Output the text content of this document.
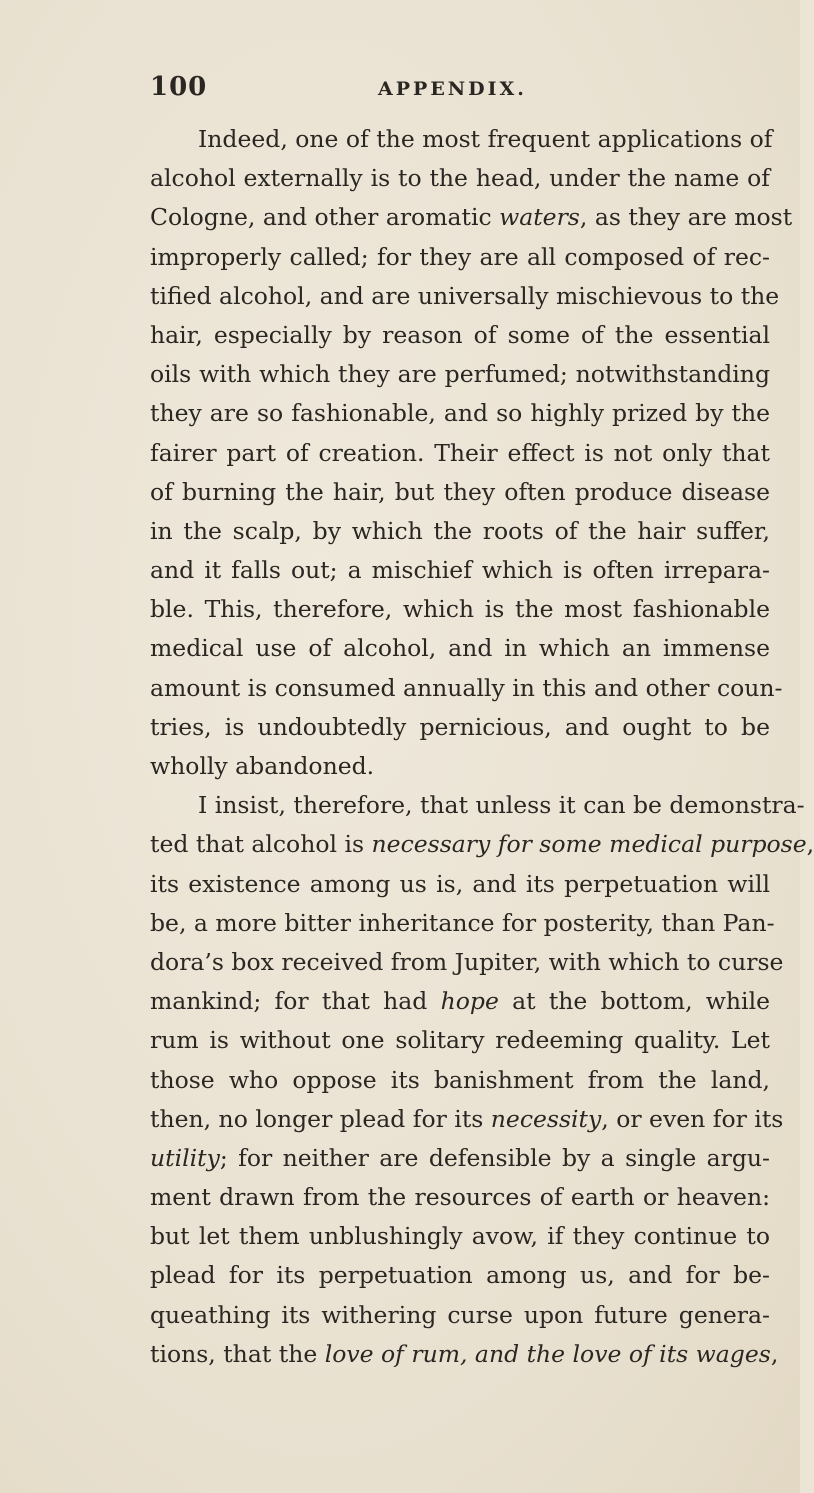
100	APPENDIX.
Indeed, one of the most frequent applications of
alcohol externally is to the head, under the name of
Cologne, and other aromatic waters, as they are most
improperly called; for they are all composed of rec-
tified alcohol, and are universally mischievous to the
hair, especially by reason of some of the essential
oils with which they are perfumed; notwithstanding
they are so fashionable, and so highly prized by the
fairer part of creation. Their effect is not only that
of burning the hair, but they often produce disease
in the scalp, by which the roots of the hair suffer,
and it falls out; a mischief which is often irrepara-
ble. This, therefore, which is the most fashionable
medical use of alcohol, and in which an immense
amount is consumed annually in this and other coun-
tries, is undoubtedly pernicious, and ought to be
wholly abandoned.
I insist, therefore, that unless it can be demonstra-
ted that alcohol is necessary for some medical purpose,
its existence among us is, and its perpetuation will
be, a more bitter inheritance for posterity, than Pan-
dora’s box received from Jupiter, with which to curse
mankind; for that had hope at the bottom, while
rum is without one solitary redeeming quality. Let
those who oppose its banishment from the land,
then, no longer plead for its necessity, or even for its
utility; for neither are defensible by a single argu-
ment drawn from the resources of earth or heaven:
but let them unblushingly avow, if they continue to
plead for its perpetuation among us, and for be-
queathing its withering curse upon future genera-
tions, that the love of rum, and the love of its wages,
